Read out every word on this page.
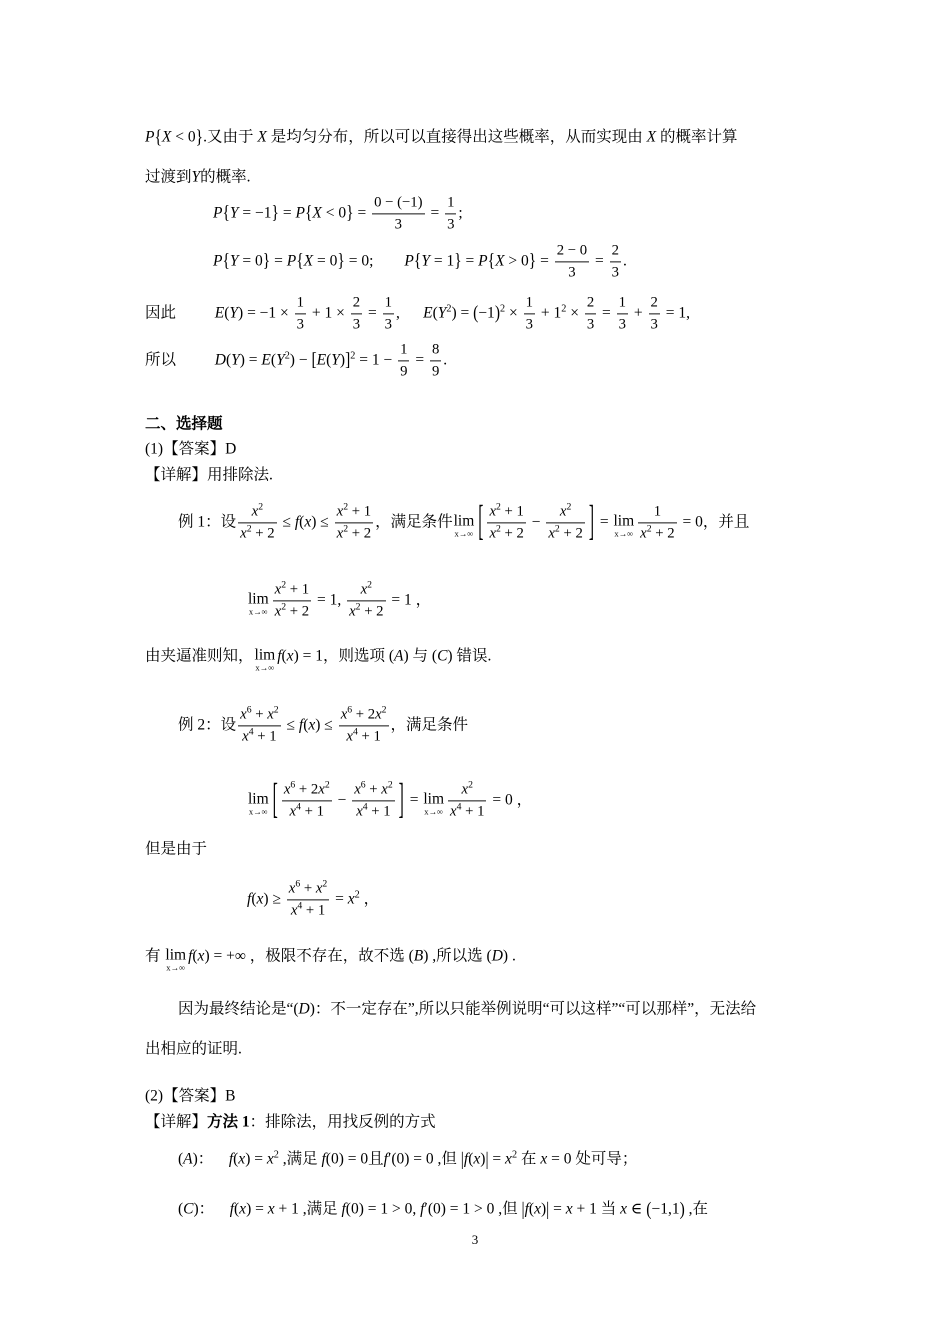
P{X < 0}.又由于 X 是均匀分布，所以可以直接得出这些概率，从而实现由 X 的概率计算
过渡到Y的概率.
$P\{Y = -1\} = P\{X < 0\} = \frac{0 - (-1)}{3} = \frac{1}{3}$ ;
P{Y = 0} = P{X = 0} = 0;  $P\{Y = 1\} = P\{X > 0\} = \frac{2 - 0}{3} = \frac{2}{3}$ .
因此   $E(Y) = -1 \times \frac{1}{3} + 1 \times \frac{2}{3} = \frac{1}{3}$ ,  $E(Y^2) = (-1)^2 \times \frac{1}{3} + 1^2 \times \frac{2}{3} = \frac{1}{3} + \frac{2}{3} = 1$,
所以   $D(Y) = E(Y^2) - [E(Y)]^2 = 1 - \frac{1}{9} = \frac{8}{9}$ .
二、选择题
(1)【答案】D
【详解】用排除法.
例 1：设 $\frac{x^2}{x^2 + 2} \le f(x) \le \frac{x^2 + 1}{x^2 + 2}$ ，满足条件 lim
x→∞ [ $\frac{x^2 + 1}{x^2 + 2} - \frac{x^2}{x^2 + 2}$ ] = lim
$x\to\infty \frac{1}{x^2 + 2} = 0$，并且
lim
$x\to\infty \frac{x^2 + 1}{x^2 + 2} = 1$, $\frac{x^2}{x^2 + 2} = 1$ ，
由夹逼准则知， lim
x→∞
f(x) = 1，则选项 (A) 与 (C) 错误.
例 2：设 $\frac{x^6 + x^2}{x^4 + 1} \le f(x) \le \frac{x^6 + 2x^2}{x^4 + 1}$ ，满足条件
lim
x→∞ [ $\frac{x^6 + 2x^2}{x^4 + 1} - \frac{x^6 + x^2}{x^4 + 1}$ ] = lim
$x\to\infty \frac{x^2}{x^4 + 1} = 0$ ，
但是由于
$f(x) \ge \frac{x^6 + x^2}{x^4 + 1} = x^2$ ，
有 lim
x→∞
f(x) = +∞ ，极限不存在，故不选 (B) ,所以选 (D) .
因为最终结论是“(D)：不一定存在”,所以只能举例说明“可以这样”“可以那样”，无法给
出相应的证明.
(2)【答案】B
【详解】方法 1：排除法，用找反例的方式
(A)： $f(x) = x^2$ ,满足 f(0) = 0且f′(0) = 0 ,但 $|f(x)| = x^2$ 在 x = 0 处可导；
(C)： f(x) = x + 1 ,满足 f(0) = 1 > 0, f′(0) = 1 > 0 ,但 |f(x)| = x + 1 当 x ∈ (−1,1) ,在
3
